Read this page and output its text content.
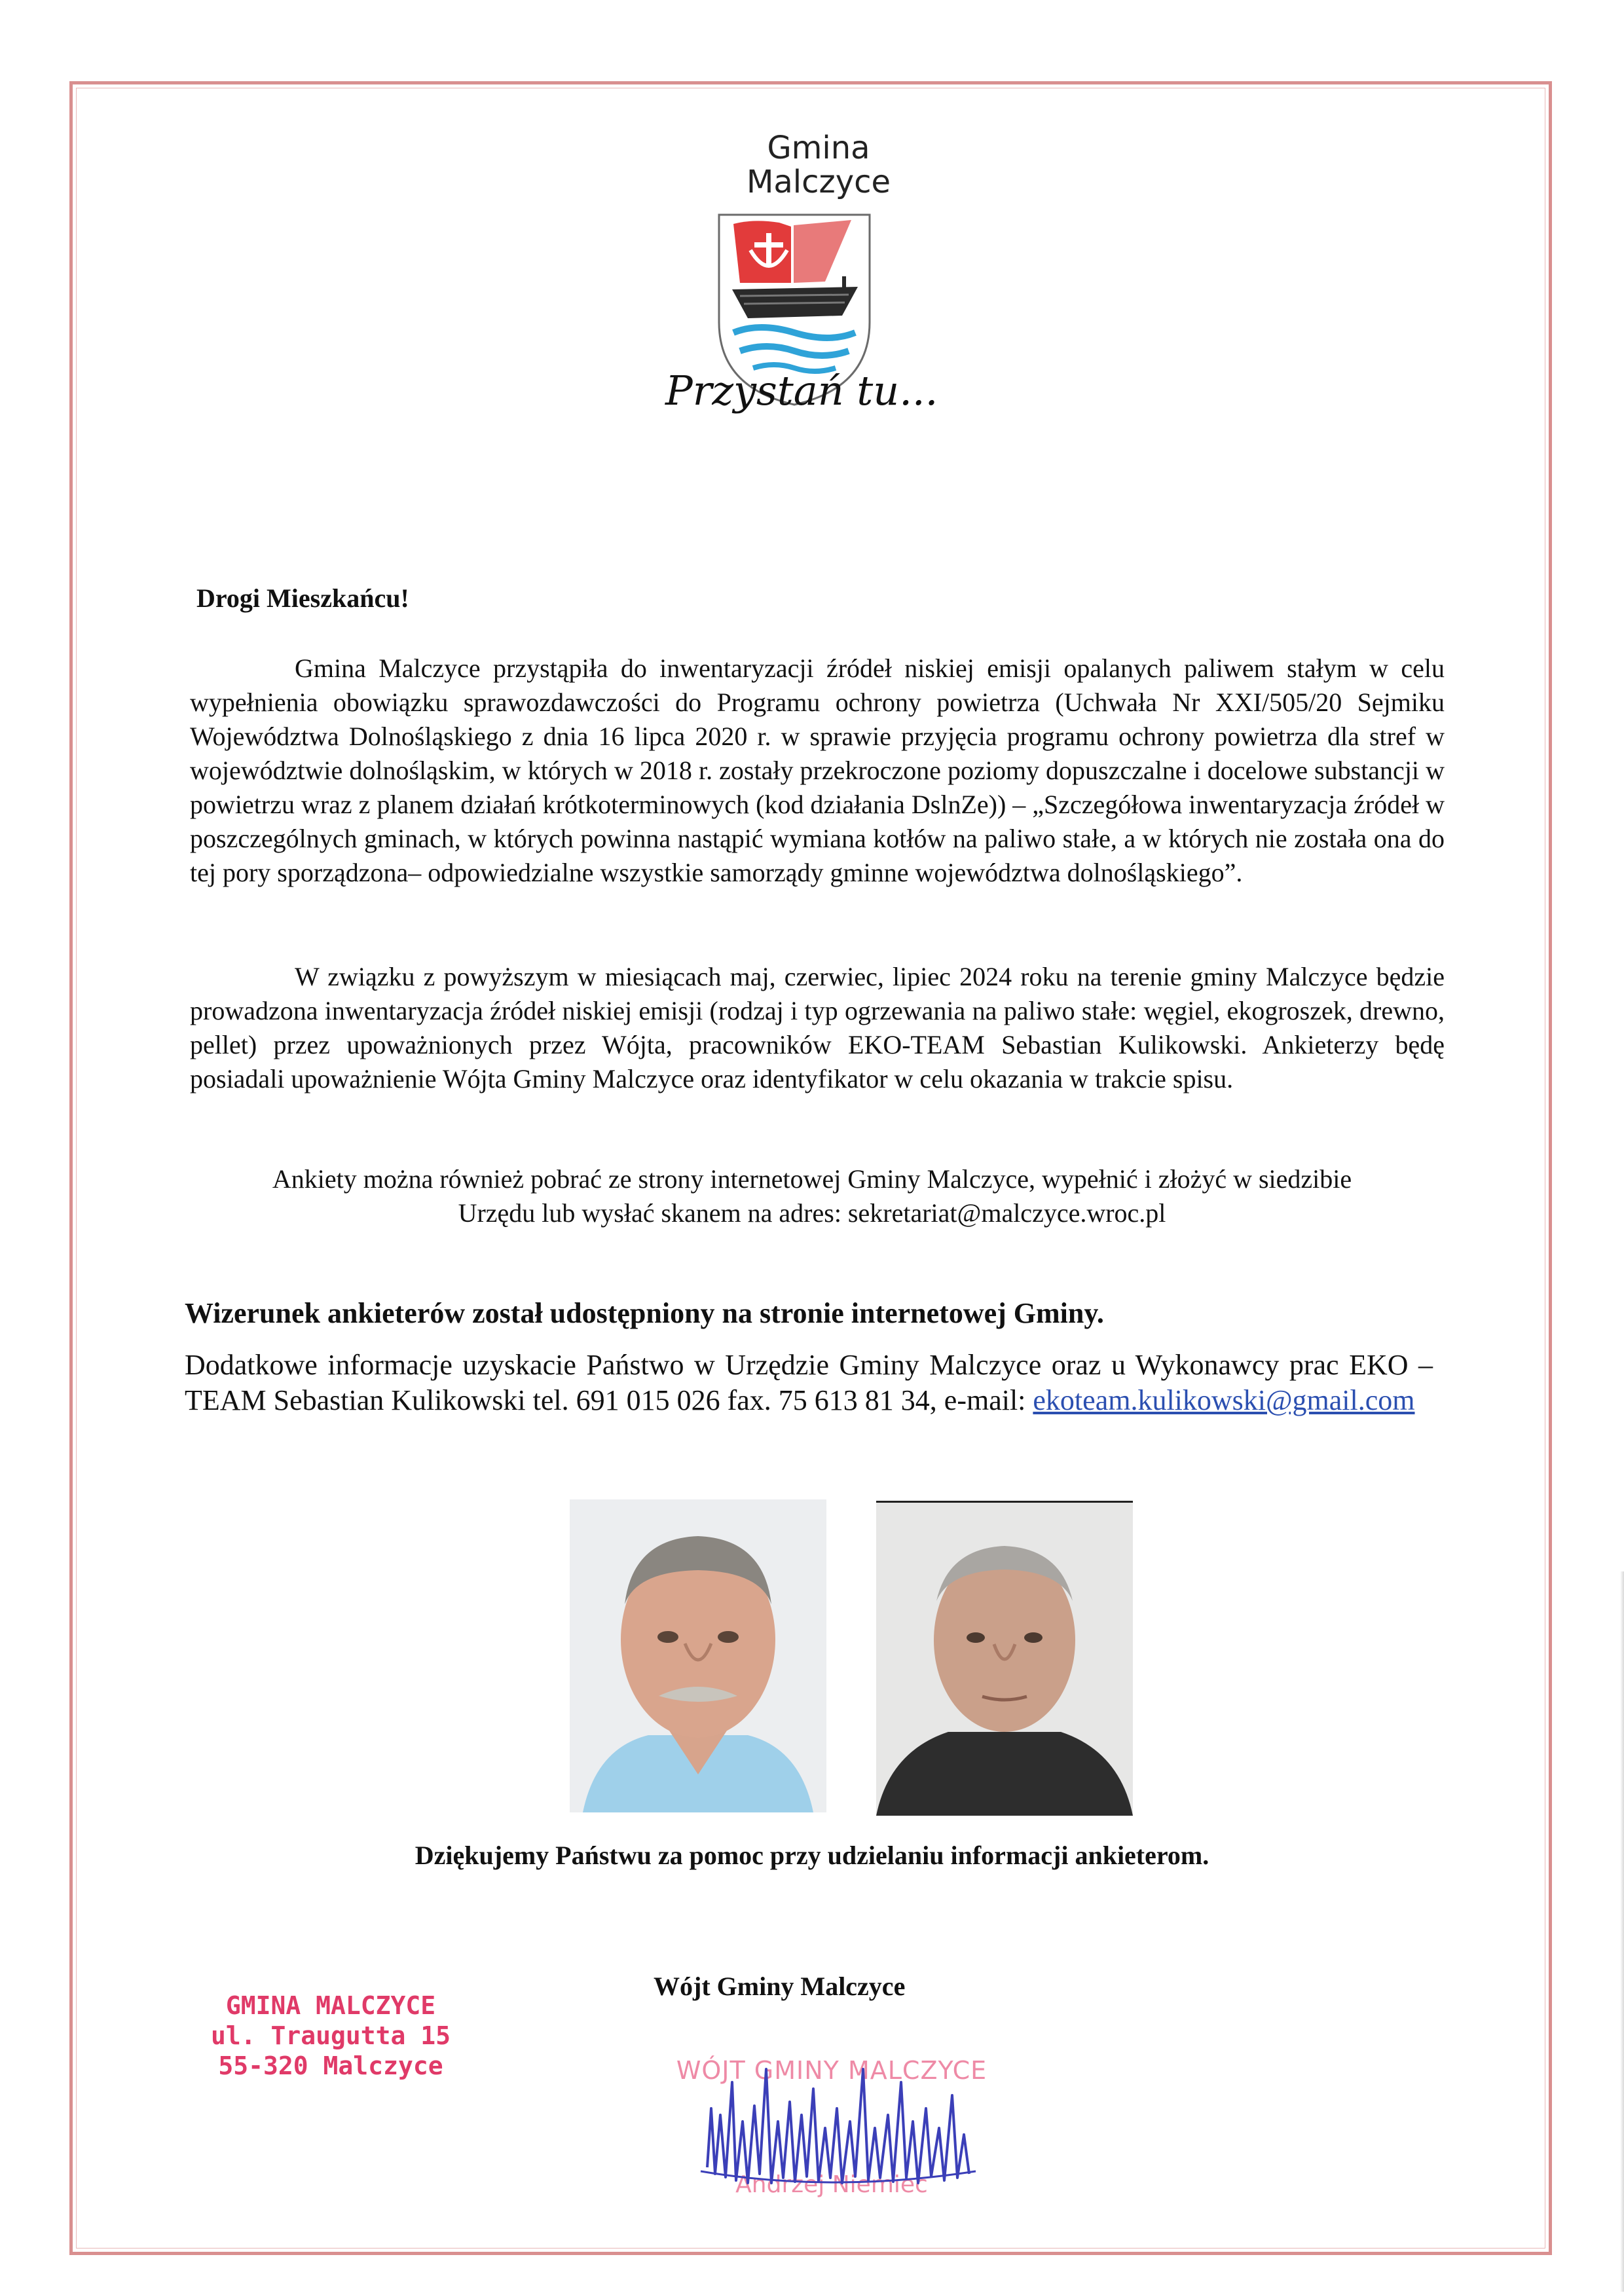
Gmina
Malczyce
Przystań tu...
Drogi Mieszkańcu!
Gmina Malczyce przystąpiła do inwentaryzacji źródeł niskiej emisji opalanych paliwem stałym w celu wypełnienia obowiązku sprawozdawczości do Programu ochrony powietrza (Uchwała Nr XXI/505/20 Sejmiku Województwa Dolnośląskiego z dnia 16 lipca 2020 r. w sprawie przyjęcia programu ochrony powietrza dla stref w województwie dolnośląskim, w których w 2018 r. zostały przekroczone poziomy dopuszczalne i docelowe substancji w powietrzu wraz z planem działań krótkoterminowych (kod działania DslnZe)) – „Szczegółowa inwentaryzacja źródeł w poszczególnych gminach, w których powinna nastąpić wymiana kotłów na paliwo stałe, a w których nie została ona do tej pory sporządzona– odpowiedzialne wszystkie samorządy gminne województwa dolnośląskiego”.
W związku z powyższym w miesiącach maj, czerwiec, lipiec 2024 roku na terenie gminy Malczyce będzie prowadzona inwentaryzacja źródeł niskiej emisji (rodzaj i typ ogrzewania na paliwo stałe: węgiel, ekogroszek, drewno, pellet) przez upoważnionych przez Wójta, pracowników EKO-TEAM Sebastian Kulikowski. Ankieterzy będę posiadali upoważnienie Wójta Gminy Malczyce oraz identyfikator w celu okazania w trakcie spisu.
Ankiety można również pobrać ze strony internetowej Gminy Malczyce, wypełnić i złożyć w siedzibie
Urzędu lub wysłać skanem na adres: sekretariat@malczyce.wroc.pl
Wizerunek ankieterów został udostępniony na stronie internetowej Gminy.
Dodatkowe informacje uzyskacie Państwo w Urzędzie Gminy Malczyce oraz u Wykonawcy prac EKO – TEAM Sebastian Kulikowski tel. 691 015 026 fax. 75 613 81 34, e-mail: ekoteam.kulikowski@gmail.com
Dziękujemy Państwu za pomoc przy udzielaniu informacji ankieterom.
Wójt Gminy Malczyce
GMINA MALCZYCE
ul. Traugutta 15
55-320 Malczyce	WÓJT GMINY MALCZYCE
Andrzej Niemiec
